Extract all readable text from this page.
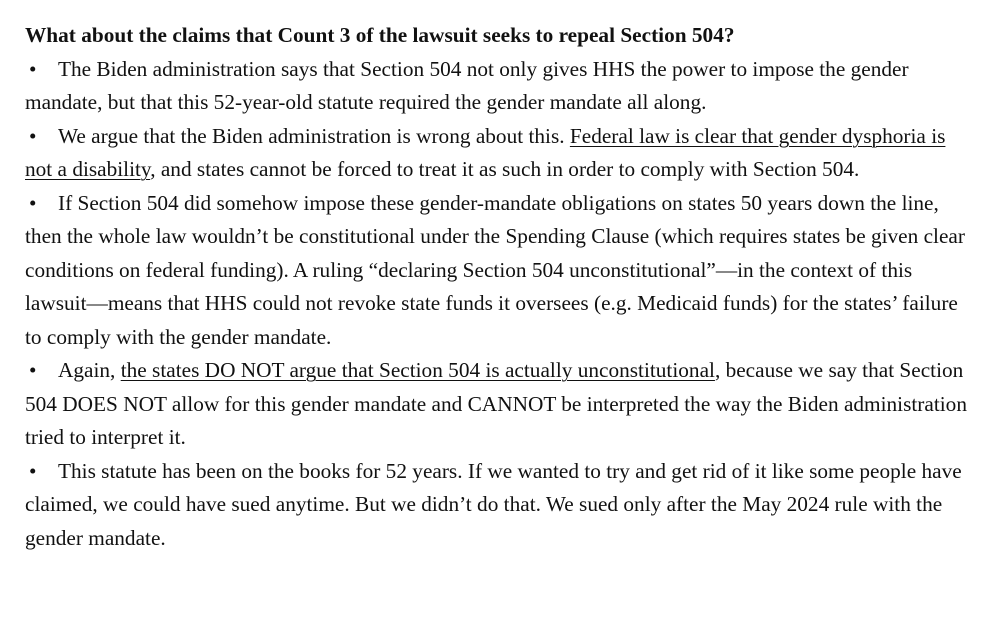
What about the claims that Count 3 of the lawsuit seeks to repeal Section 504?

• The Biden administration says that Section 504 not only gives HHS the power to impose the gender mandate, but that this 52-year-old statute required the gender mandate all along.
• We argue that the Biden administration is wrong about this. Federal law is clear that gender dysphoria is not a disability, and states cannot be forced to treat it as such in order to comply with Section 504.
• If Section 504 did somehow impose these gender-mandate obligations on states 50 years down the line, then the whole law wouldn’t be constitutional under the Spending Clause (which requires states be given clear conditions on federal funding). A ruling “declaring Section 504 unconstitutional”—in the context of this lawsuit—means that HHS could not revoke state funds it oversees (e.g. Medicaid funds) for the states’ failure to comply with the gender mandate.
• Again, the states DO NOT argue that Section 504 is actually unconstitutional, because we say that Section 504 DOES NOT allow for this gender mandate and CANNOT be interpreted the way the Biden administration tried to interpret it.
• This statute has been on the books for 52 years. If we wanted to try and get rid of it like some people have claimed, we could have sued anytime. But we didn’t do that. We sued only after the May 2024 rule with the gender mandate.
